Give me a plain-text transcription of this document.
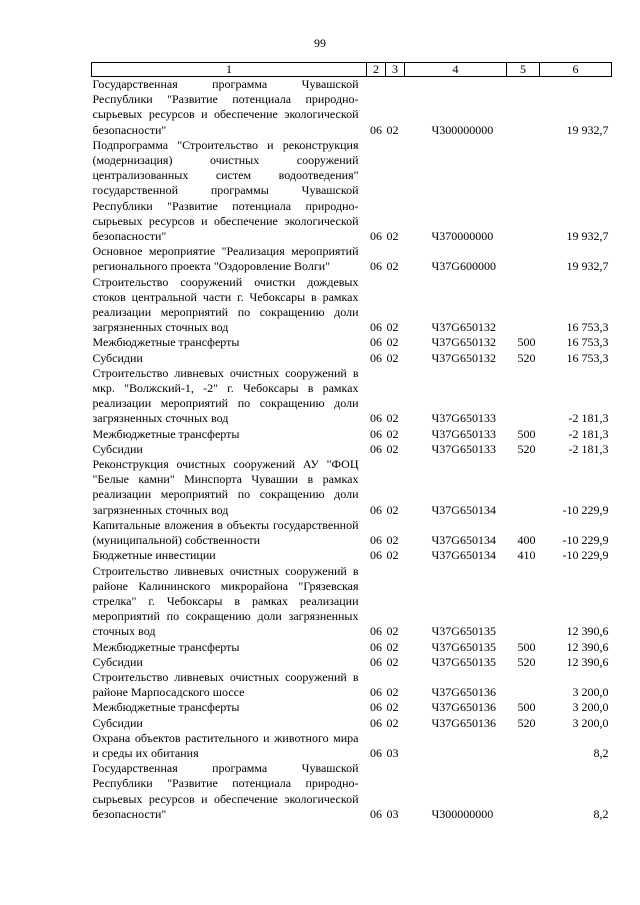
99
1	2	3	4	5	6
Государственная программа Чувашской Республики "Развитие потенциала природно-сырьевых ресурсов и обеспечение экологической безопасности"	06	02	Ч300000000		19 932,7
Подпрограмма "Строительство и реконструкция (модернизация) очистных сооружений централизованных систем водоотведения" государственной программы Чувашской Республики "Развитие потенциала природно-сырьевых ресурсов и обеспечение экологической безопасности"	06	02	Ч370000000		19 932,7
Основное мероприятие "Реализация мероприятий регионального проекта "Оздоровление Волги"	06	02	Ч37G600000		19 932,7
Строительство сооружений очистки дождевых стоков центральной части г. Чебоксары в рамках реализации мероприятий по сокращению доли загрязненных сточных вод	06	02	Ч37G650132		16 753,3
Межбюджетные трансферты	06	02	Ч37G650132	500	16 753,3
Субсидии	06	02	Ч37G650132	520	16 753,3
Строительство ливневых очистных сооружений в мкр. "Волжский-1, -2" г. Чебоксары в рамках реализации мероприятий по сокращению доли загрязненных сточных вод	06	02	Ч37G650133		-2 181,3
Межбюджетные трансферты	06	02	Ч37G650133	500	-2 181,3
Субсидии	06	02	Ч37G650133	520	-2 181,3
Реконструкция очистных сооружений АУ "ФОЦ "Белые камни" Минспорта Чувашии в рамках реализации мероприятий по сокращению доли загрязненных сточных вод	06	02	Ч37G650134		-10 229,9
Капитальные вложения в объекты государственной (муниципальной) собственности	06	02	Ч37G650134	400	-10 229,9
Бюджетные инвестиции	06	02	Ч37G650134	410	-10 229,9
Строительство ливневых очистных сооружений в районе Калининского микрорайона "Грязевская стрелка" г. Чебоксары в рамках реализации мероприятий по сокращению доли загрязненных сточных вод	06	02	Ч37G650135		12 390,6
Межбюджетные трансферты	06	02	Ч37G650135	500	12 390,6
Субсидии	06	02	Ч37G650135	520	12 390,6
Строительство ливневых очистных сооружений в районе Марпосадского шоссе	06	02	Ч37G650136		3 200,0
Межбюджетные трансферты	06	02	Ч37G650136	500	3 200,0
Субсидии	06	02	Ч37G650136	520	3 200,0
Охрана объектов растительного и животного мира и среды их обитания	06	03			8,2
Государственная программа Чувашской Республики "Развитие потенциала природно-сырьевых ресурсов и обеспечение экологической безопасности"	06	03	Ч300000000		8,2
